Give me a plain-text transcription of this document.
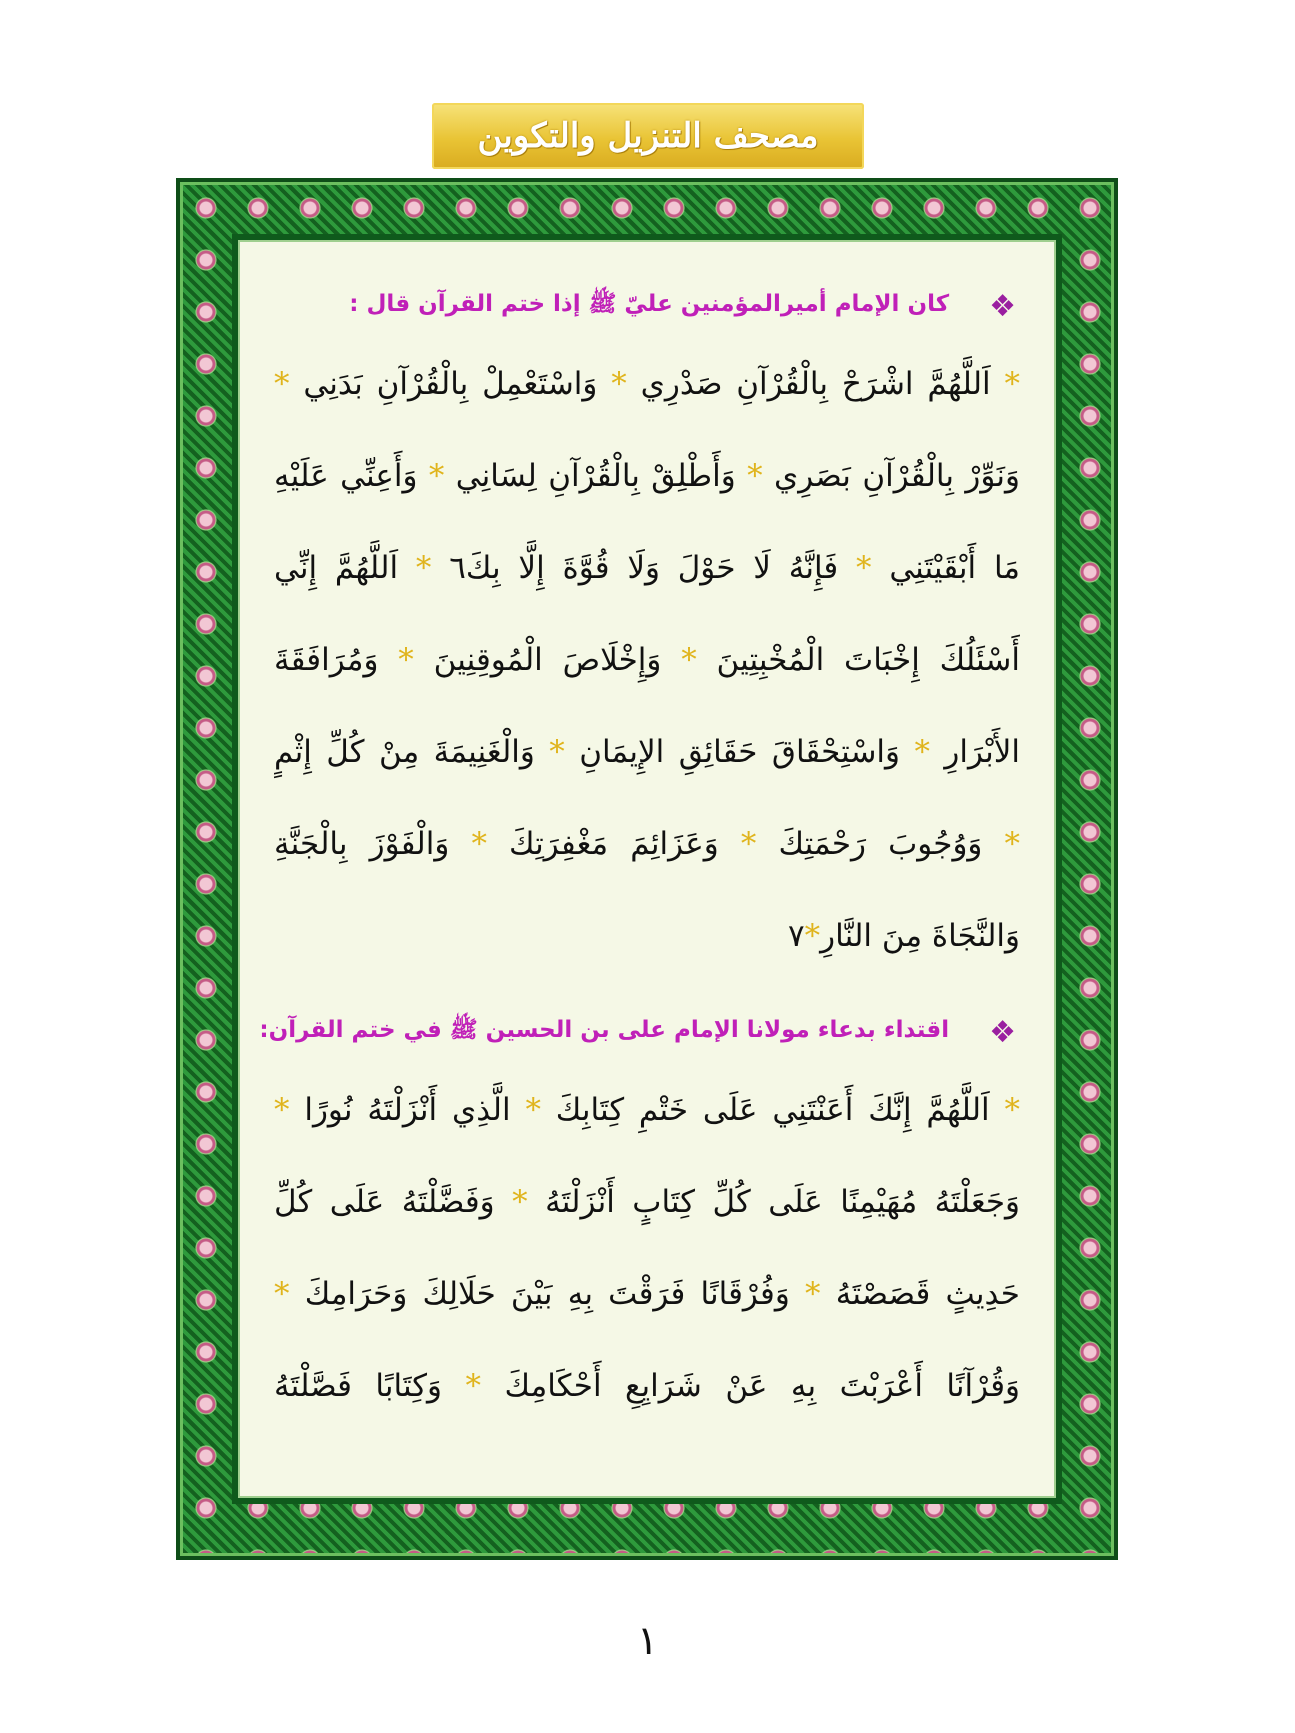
مصحف التنزيل والتكوين
❖
كان الإمام أميرالمؤمنين عليّ ﷺ إذا ختم القرآن قال :
* اَللَّهُمَّ اشْرَحْ بِالْقُرْآنِ صَدْرِي * وَاسْتَعْمِلْ بِالْقُرْآنِ بَدَنِي *
وَنَوِّرْ بِالْقُرْآنِ بَصَرِي * وَأَطْلِقْ بِالْقُرْآنِ لِسَانِي * وَأَعِنِّي عَلَيْهِ
مَا أَبْقَيْتَنِي * فَإِنَّهُ لَا حَوْلَ وَلَا قُوَّةَ إِلَّا بِكَ٦ * اَللَّهُمَّ إِنِّي
أَسْئَلُكَ إِخْبَاتَ الْمُخْبِتِينَ * وَإِخْلَاصَ الْمُوقِنِينَ * وَمُرَافَقَةَ
الأَبْرَارِ * وَاسْتِحْقَاقَ حَقَائِقِ الإِيمَانِ * وَالْغَنِيمَةَ مِنْ كُلِّ إِثْمٍ
* وَوُجُوبَ رَحْمَتِكَ * وَعَزَائِمَ مَغْفِرَتِكَ * وَالْفَوْزَ بِالْجَنَّةِ
وَالنَّجَاةَ مِنَ النَّارِ*٧
❖
اقتداء بدعاء مولانا الإمام على بن الحسين ﷺ في ختم القرآن:
* اَللَّهُمَّ إِنَّكَ أَعَنْتَنِي عَلَى خَتْمِ كِتَابِكَ * الَّذِي أَنْزَلْتَهُ نُورًا *
وَجَعَلْتَهُ مُهَيْمِنًا عَلَى كُلِّ كِتَابٍ أَنْزَلْتَهُ * وَفَضَّلْتَهُ عَلَى كُلِّ
حَدِيثٍ قَصَصْتَهُ * وَفُرْقَانًا فَرَقْتَ بِهِ بَيْنَ حَلَالِكَ وَحَرَامِكَ *
وَقُرْآنًا أَعْرَبْتَ بِهِ عَنْ شَرَايِعِ أَحْكَامِكَ * وَكِتَابًا فَصَّلْتَهُ
١
